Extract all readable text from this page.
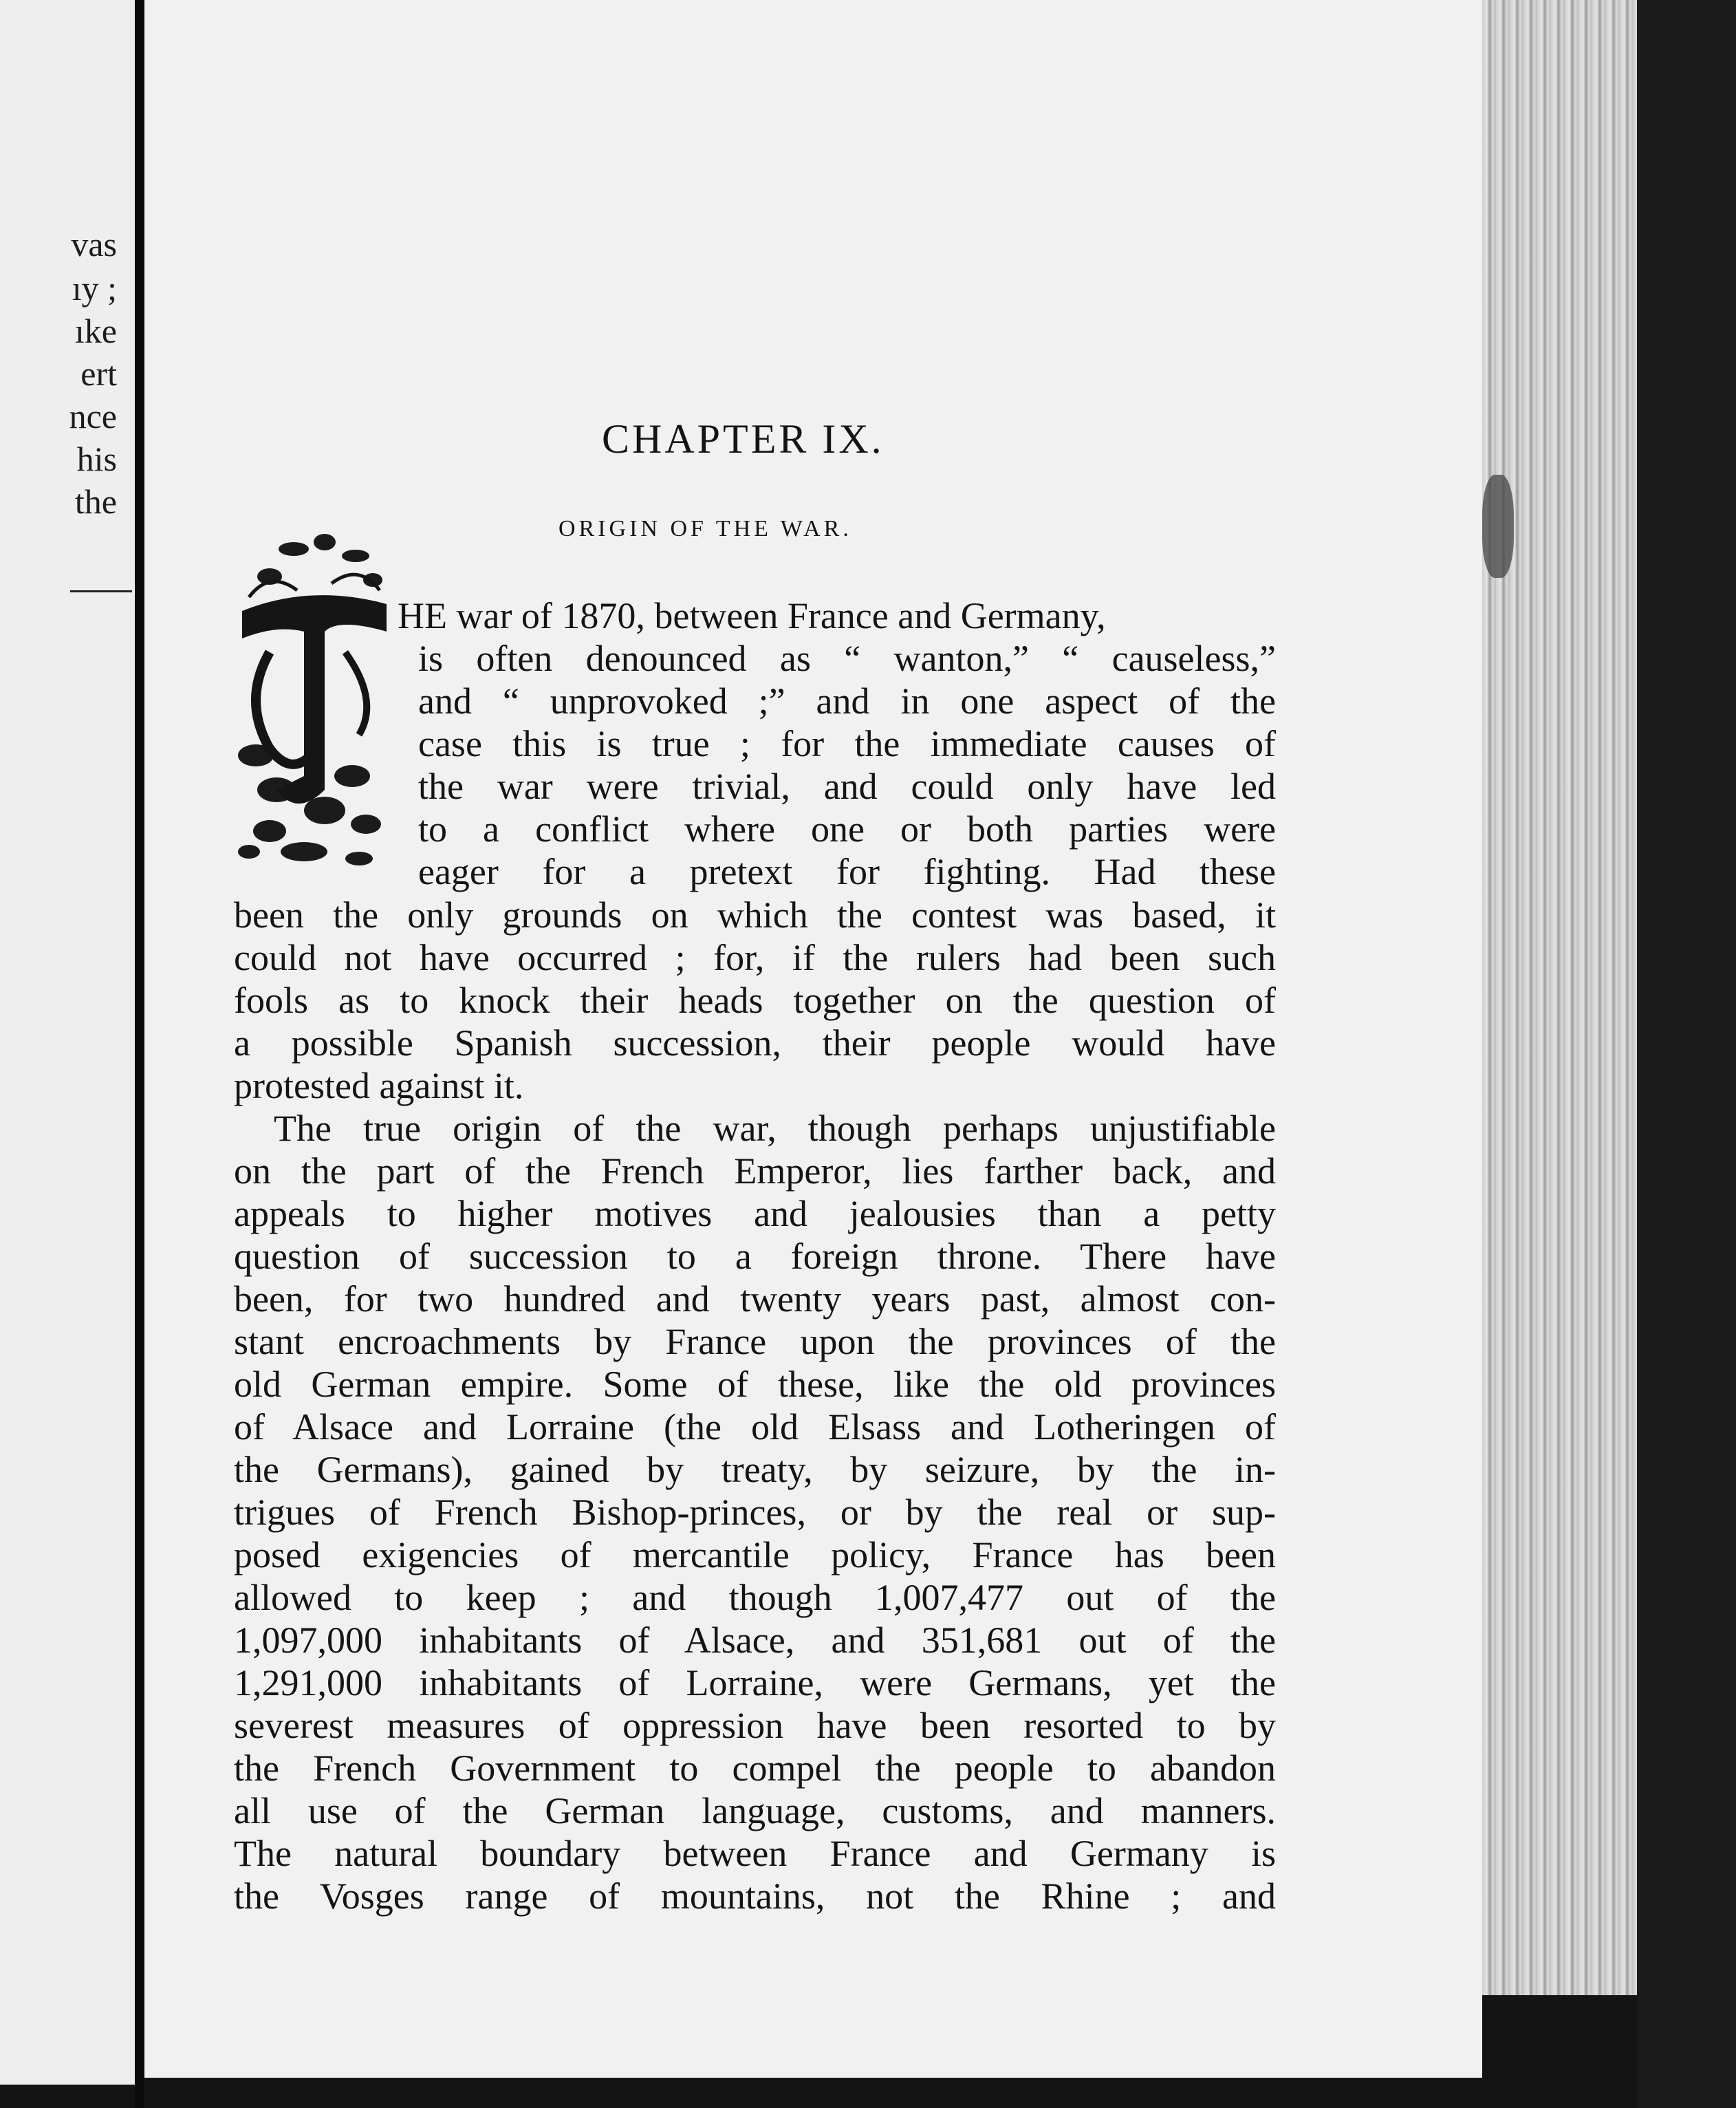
vas
ıy ;
ıke
ert
nce
his
the
CHAPTER IX.
ORIGIN OF THE WAR.
HE war of 1870, between France and Germany,
is often denounced as “ wanton,” “ causeless,”
and “ unprovoked ;” and in one aspect of the
case this is true ; for the immediate causes of
the war were trivial, and could only have led
to a conflict where one or both parties were
eager for a pretext for fighting. Had these
been the only grounds on which the contest was based, it
could not have occurred ; for, if the rulers had been such
fools as to knock their heads together on the question of
a possible Spanish succession, their people would have
protested against it.
The true origin of the war, though perhaps unjustifiable
on the part of the French Emperor, lies farther back, and
appeals to higher motives and jealousies than a petty
question of succession to a foreign throne. There have
been, for two hundred and twenty years past, almost con-
stant encroachments by France upon the provinces of the
old German empire. Some of these, like the old provinces
of Alsace and Lorraine (the old Elsass and Lotheringen of
the Germans), gained by treaty, by seizure, by the in-
trigues of French Bishop-princes, or by the real or sup-
posed exigencies of mercantile policy, France has been
allowed to keep ; and though 1,007,477 out of the
1,097,000 inhabitants of Alsace, and 351,681 out of the
1,291,000 inhabitants of Lorraine, were Germans, yet the
severest measures of oppression have been resorted to by
the French Government to compel the people to abandon
all use of the German language, customs, and manners.
The natural boundary between France and Germany is
the Vosges range of mountains, not the Rhine ; and
